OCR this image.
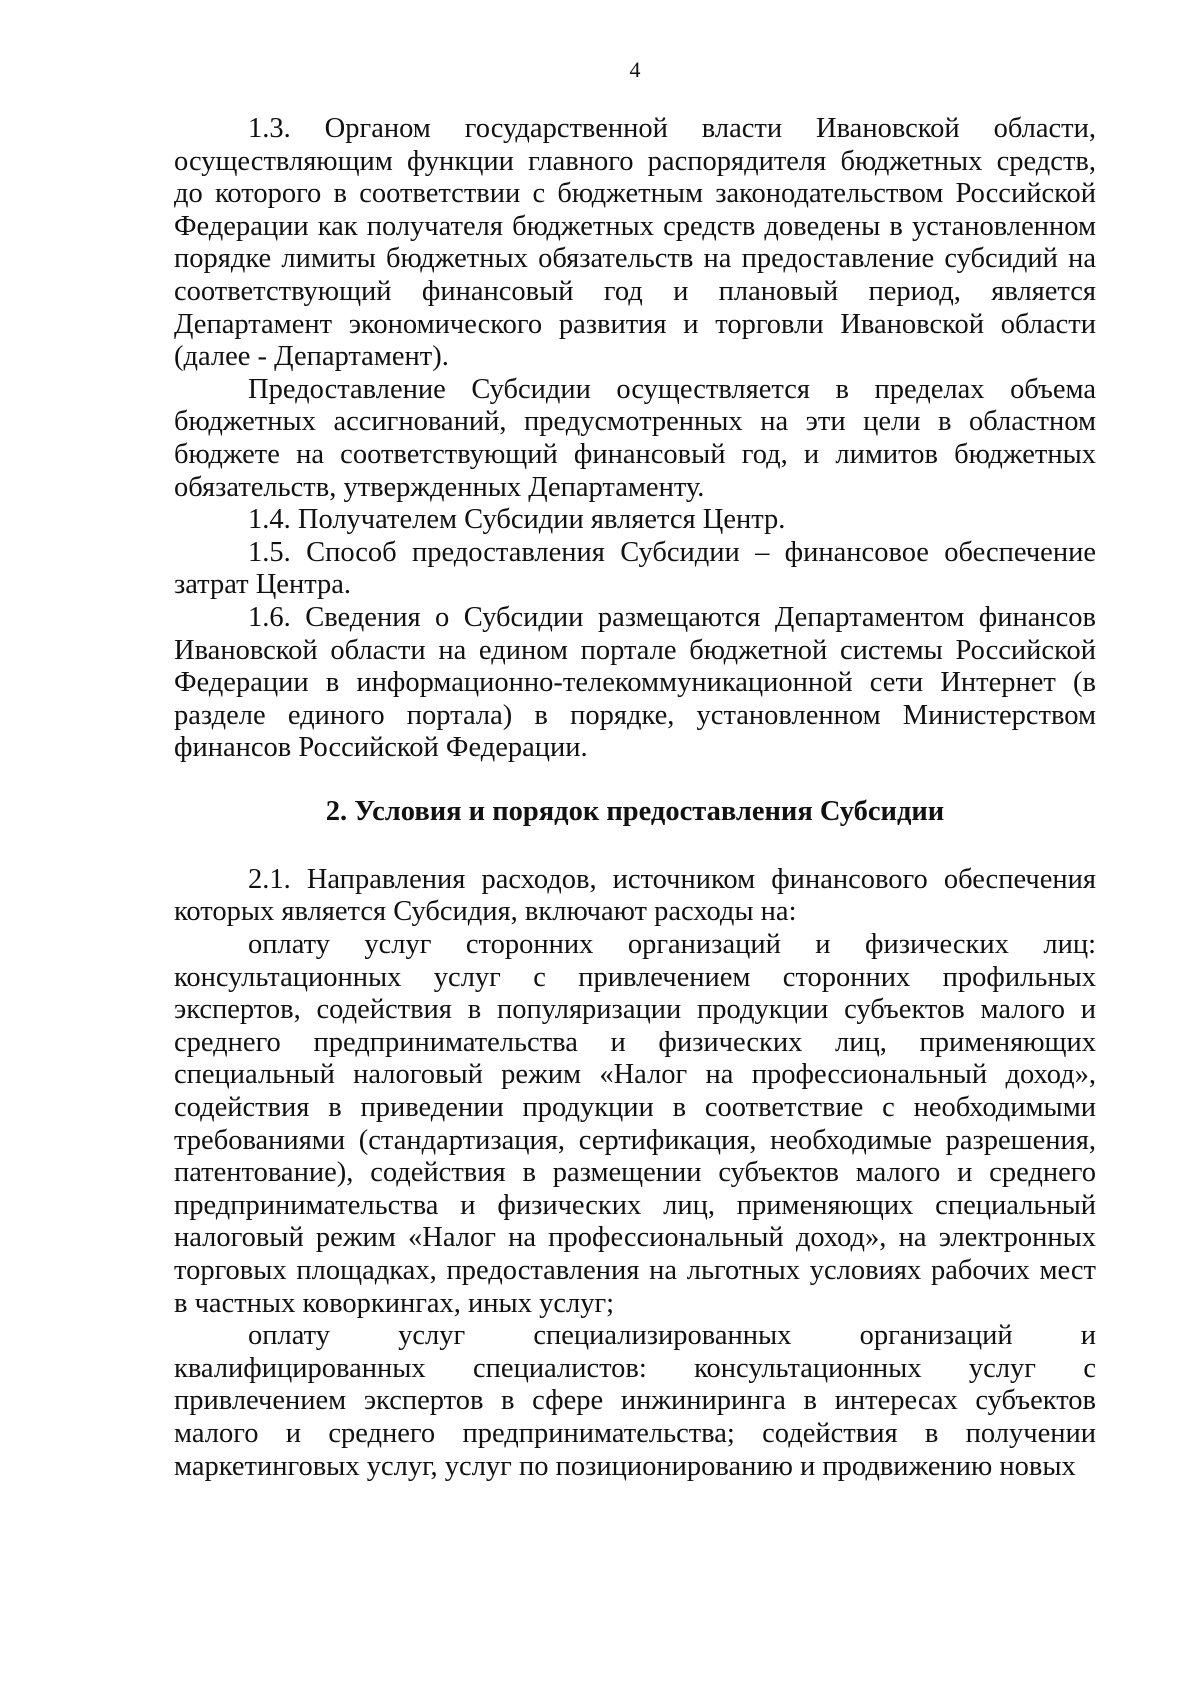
4

1.3. Органом государственной власти Ивановской области, осуществляющим функции главного распорядителя бюджетных средств, до которого в соответствии с бюджетным законодательством Российской Федерации как получателя бюджетных средств доведены в установленном порядке лимиты бюджетных обязательств на предоставление субсидий на соответствующий финансовый год и плановый период, является Департамент экономического развития и торговли Ивановской области (далее - Департамент).

Предоставление Субсидии осуществляется в пределах объема бюджетных ассигнований, предусмотренных на эти цели в областном бюджете на соответствующий финансовый год, и лимитов бюджетных обязательств, утвержденных Департаменту.

1.4. Получателем Субсидии является Центр.

1.5. Способ предоставления Субсидии – финансовое обеспечение затрат Центра.

1.6. Сведения о Субсидии размещаются Департаментом финансов Ивановской области на едином портале бюджетной системы Российской Федерации в информационно-телекоммуникационной сети Интернет (в разделе единого портала) в порядке, установленном Министерством финансов Российской Федерации.

2. Условия и порядок предоставления Субсидии

2.1. Направления расходов, источником финансового обеспечения которых является Субсидия, включают расходы на:

оплату услуг сторонних организаций и физических лиц: консультационных услуг с привлечением сторонних профильных экспертов, содействия в популяризации продукции субъектов малого и среднего предпринимательства и физических лиц, применяющих специальный налоговый режим «Налог на профессиональный доход», содействия в приведении продукции в соответствие с необходимыми требованиями (стандартизация, сертификация, необходимые разрешения, патентование), содействия в размещении субъектов малого и среднего предпринимательства и физических лиц, применяющих специальный налоговый режим «Налог на профессиональный доход», на электронных торговых площадках, предоставления на льготных условиях рабочих мест в частных коворкингах, иных услуг;

оплату услуг специализированных организаций и квалифицированных специалистов: консультационных услуг с привлечением экспертов в сфере инжиниринга в интересах субъектов малого и среднего предпринимательства; содействия в получении маркетинговых услуг, услуг по позиционированию и продвижению новых
